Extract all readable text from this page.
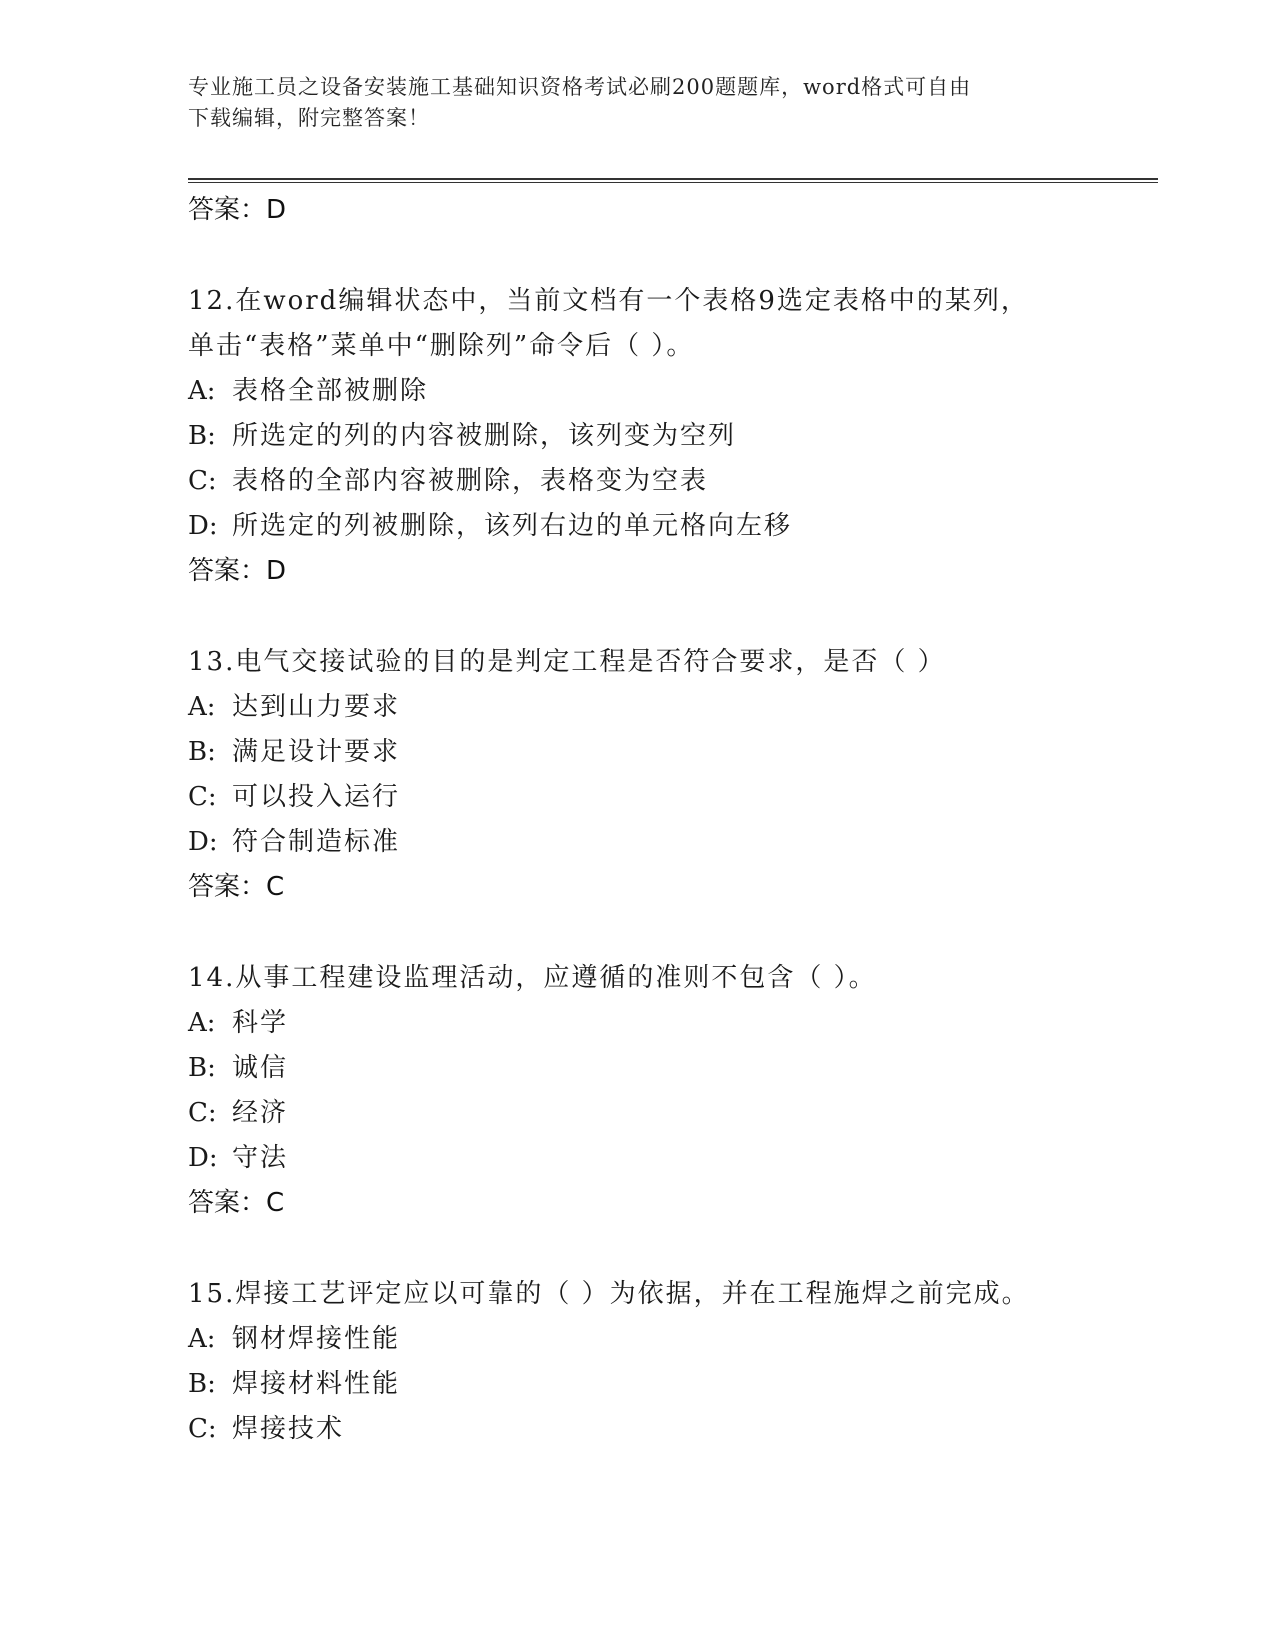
专业施工员之设备安装施工基础知识资格考试必刷200题题库，word格式可自由
下载编辑，附完整答案！
答案：D
12.在word编辑状态中，当前文档有一个表格9选定表格中的某列，
单击“表格”菜单中“删除列”命令后（ ）。
A: 表格全部被删除
B: 所选定的列的内容被删除，该列变为空列
C: 表格的全部内容被删除，表格变为空表
D: 所选定的列被删除，该列右边的单元格向左移
答案：D
13.电气交接试验的目的是判定工程是否符合要求，是否（ ）
A: 达到山力要求
B: 满足设计要求
C: 可以投入运行
D: 符合制造标准
答案：C
14.从事工程建设监理活动，应遵循的准则不包含（ ）。
A: 科学
B: 诚信
C: 经济
D: 守法
答案：C
15.焊接工艺评定应以可靠的（ ）为依据，并在工程施焊之前完成。
A: 钢材焊接性能
B: 焊接材料性能
C: 焊接技术
